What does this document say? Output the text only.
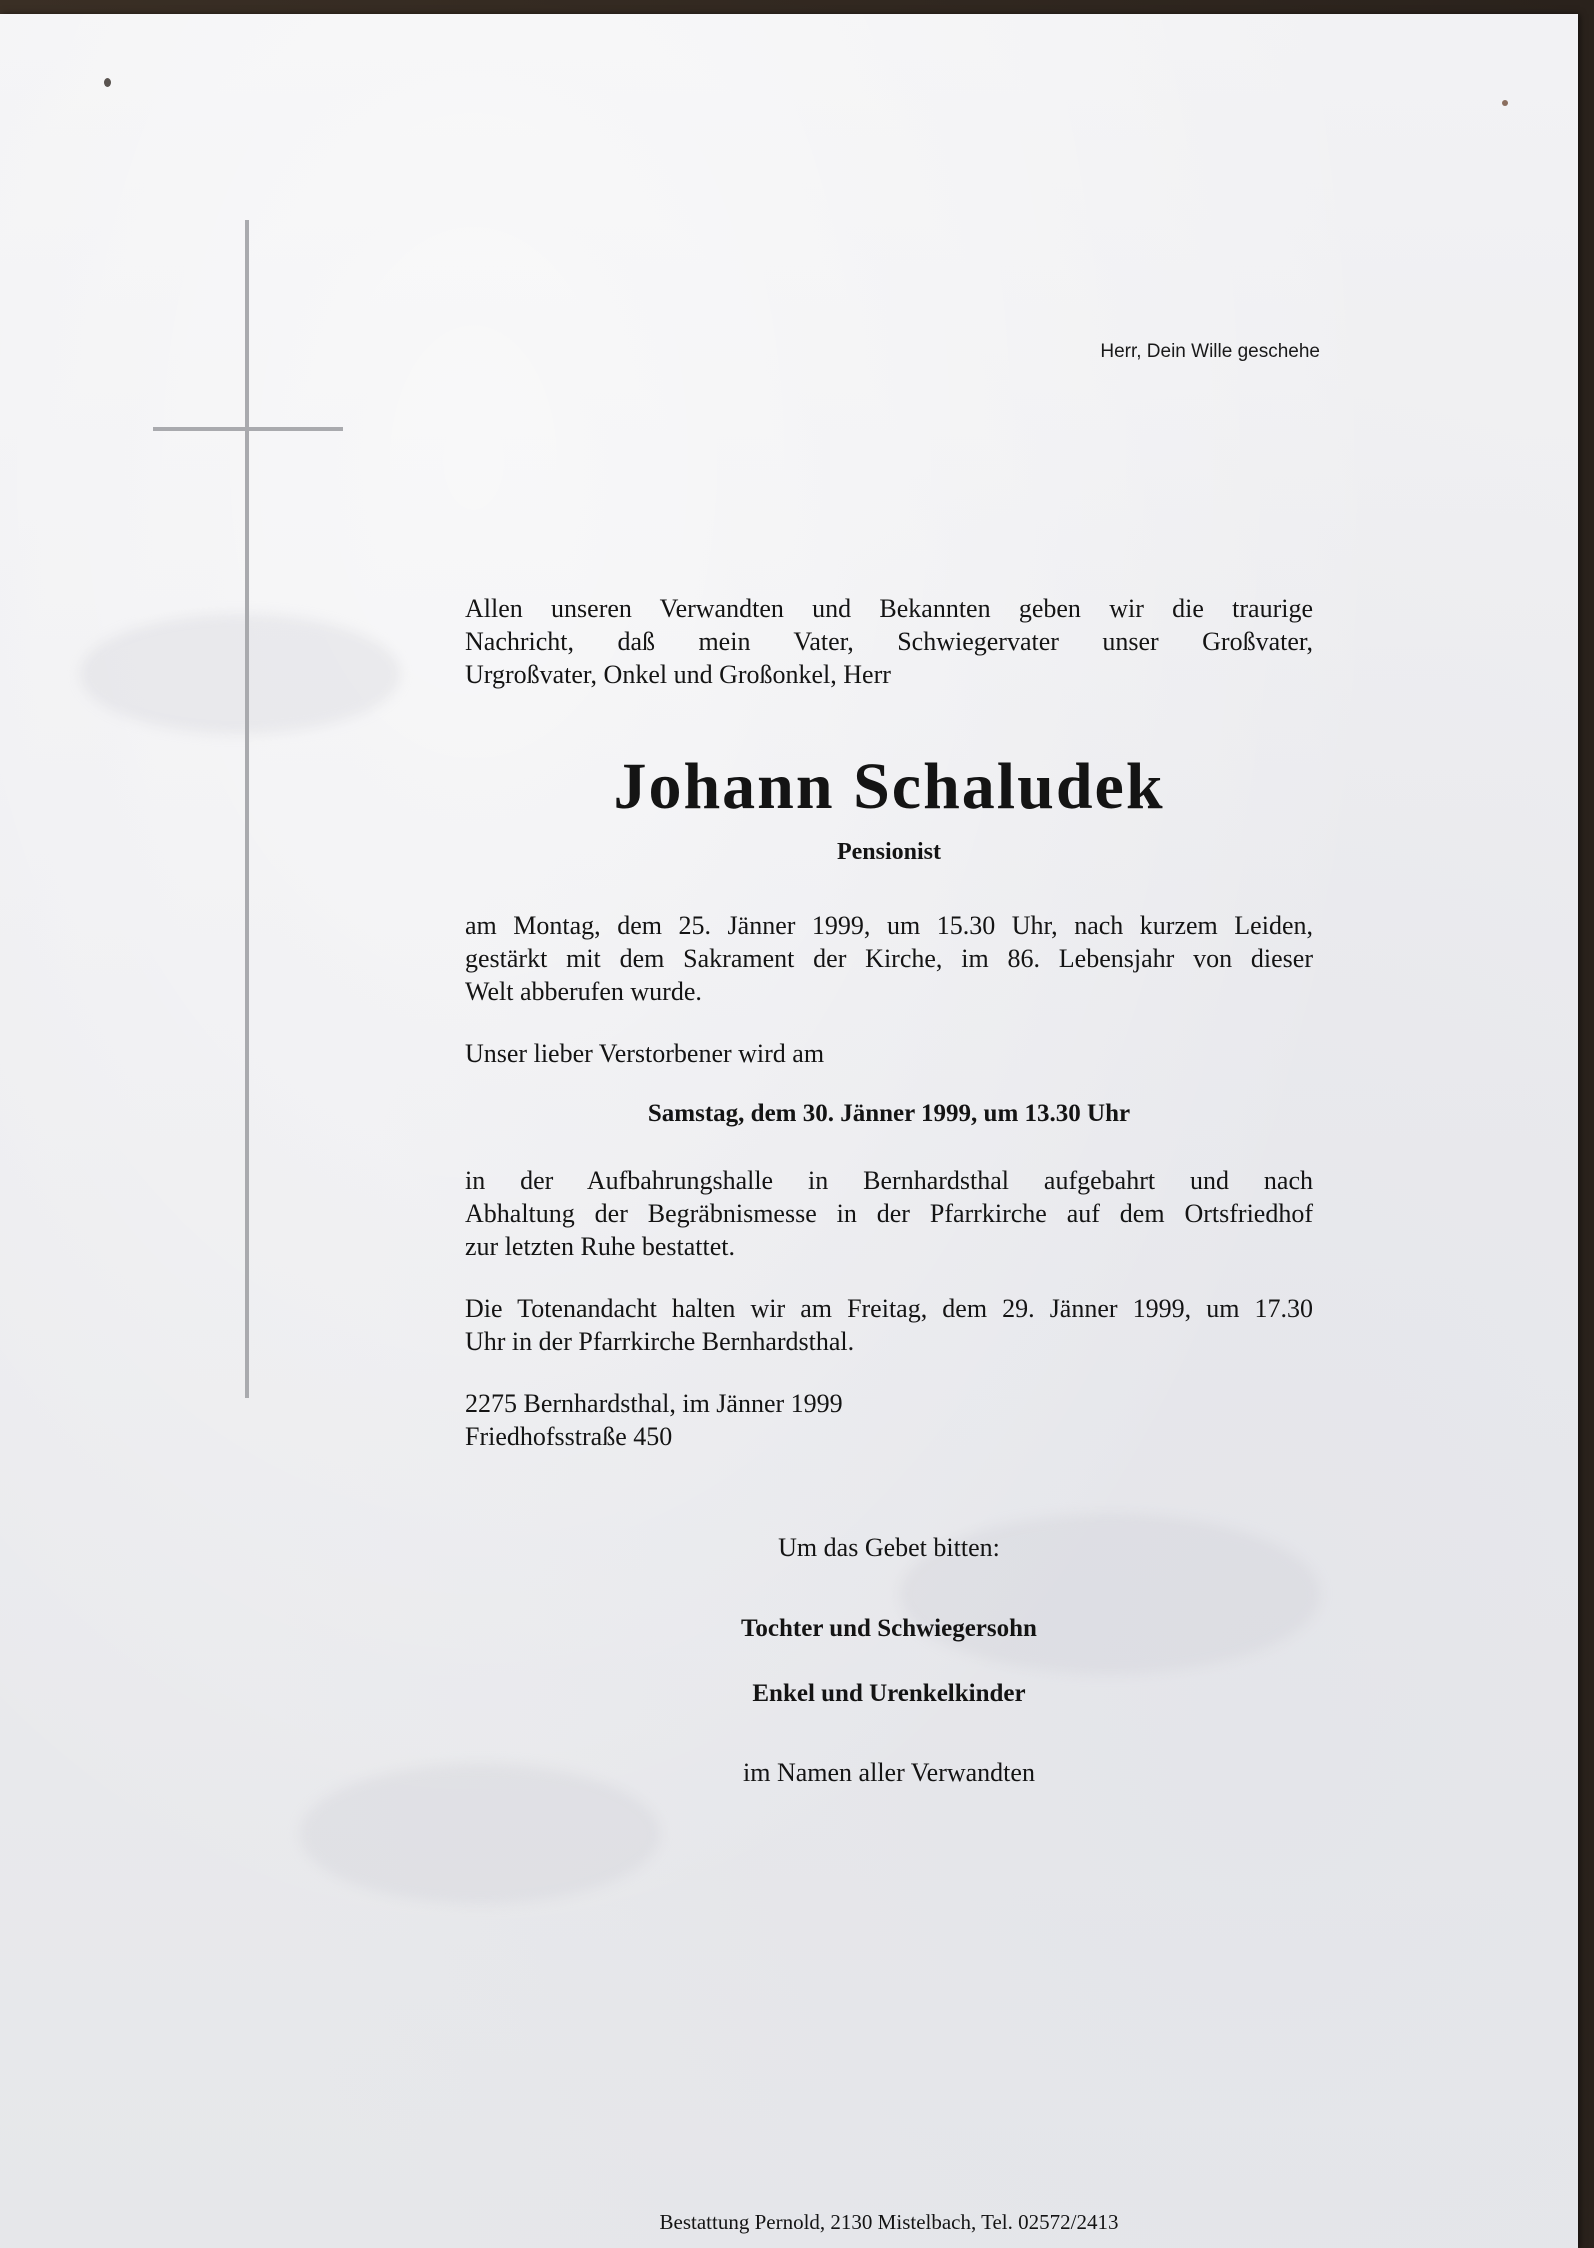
Herr, Dein Wille geschehe
Allen unseren Verwandten und Bekannten geben wir die traurige
Nachricht, daß mein Vater, Schwiegervater unser Großvater,
Urgroßvater, Onkel und Großonkel, Herr
Johann Schaludek
Pensionist
am Montag, dem 25. Jänner 1999, um 15.30 Uhr, nach kurzem Leiden,
gestärkt mit dem Sakrament der Kirche, im 86. Lebensjahr von dieser
Welt abberufen wurde.
Unser lieber Verstorbener wird am
Samstag, dem 30. Jänner 1999, um 13.30 Uhr
in der Aufbahrungshalle in Bernhardsthal aufgebahrt und nach
Abhaltung der Begräbnismesse in der Pfarrkirche auf dem Ortsfriedhof
zur letzten Ruhe bestattet.
Die Totenandacht halten wir am Freitag, dem 29. Jänner 1999, um 17.30
Uhr in der Pfarrkirche Bernhardsthal.
2275 Bernhardsthal, im Jänner 1999
Friedhofsstraße 450
Um das Gebet bitten:
Tochter und Schwiegersohn
Enkel und Urenkelkinder
im Namen aller Verwandten
Bestattung Pernold, 2130 Mistelbach, Tel. 02572/2413
